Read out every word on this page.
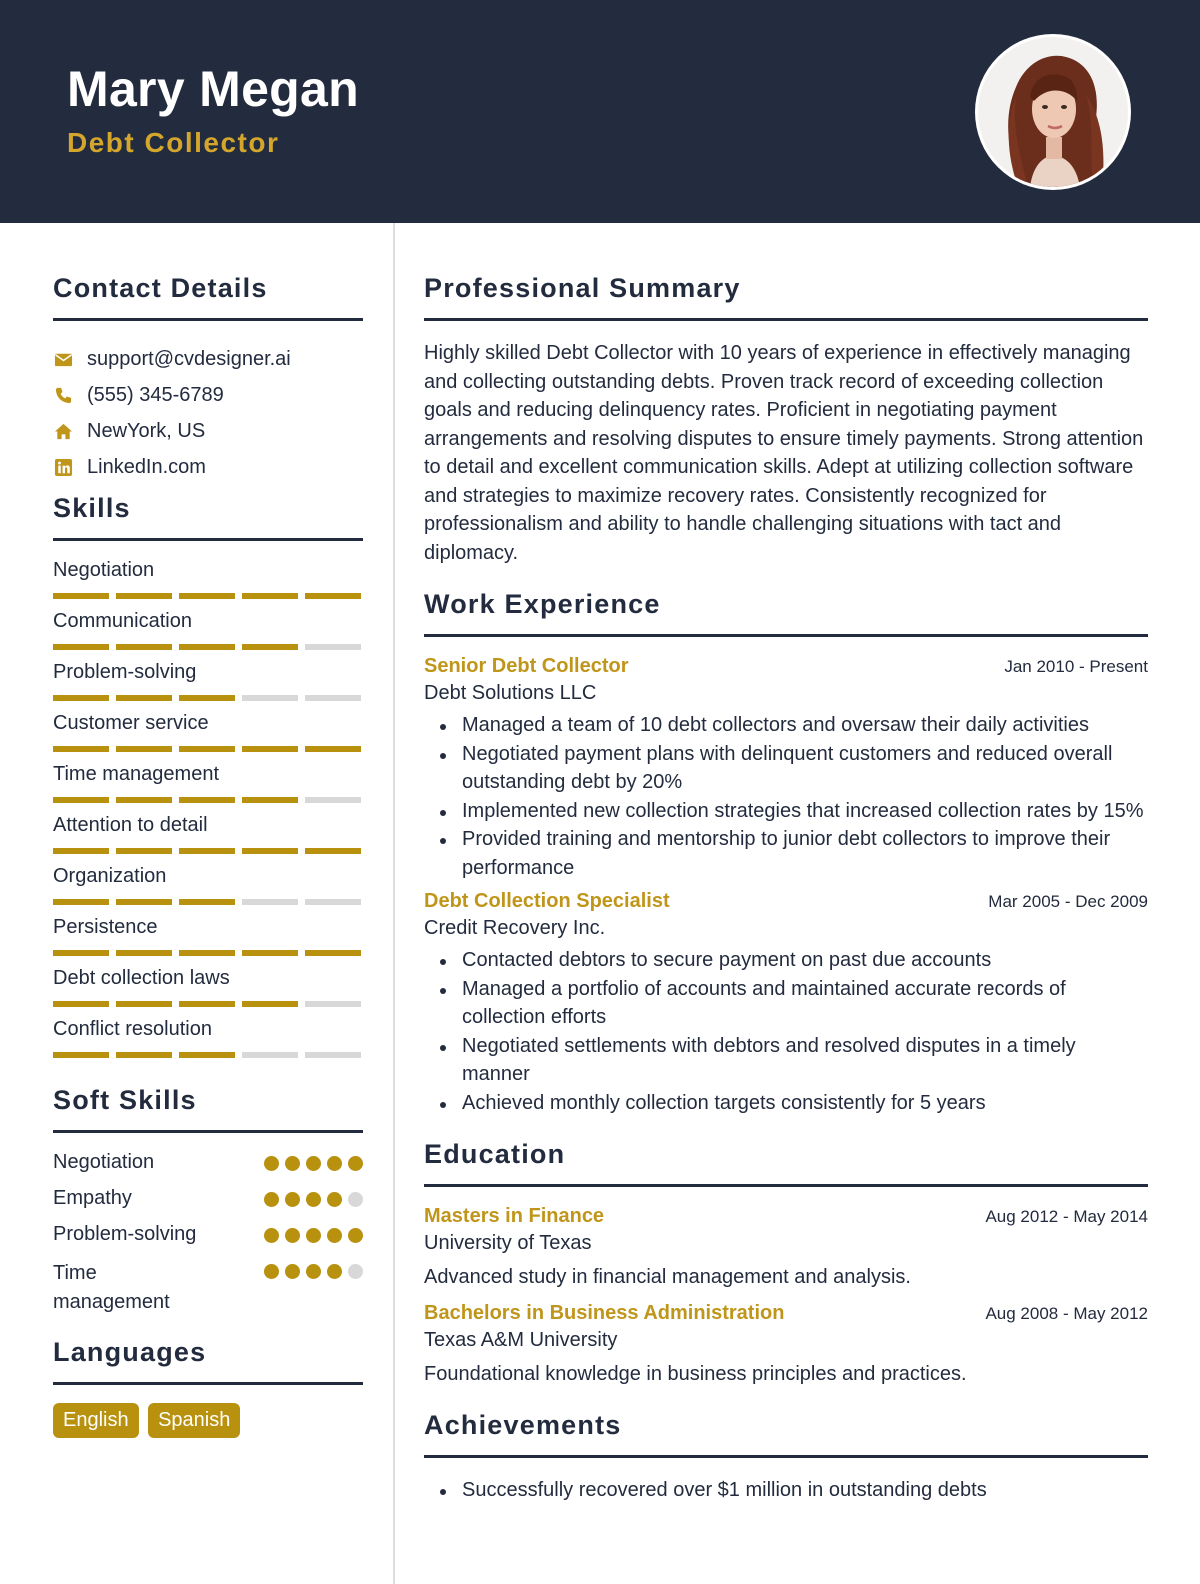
Mary Megan
Debt Collector
Contact Details
support@cvdesigner.ai
(555) 345-6789
NewYork, US
LinkedIn.com
Skills
Negotiation
Communication
Problem-solving
Customer service
Time management
Attention to detail
Organization
Persistence
Debt collection laws
Conflict resolution
Soft Skills
Negotiation
Empathy
Problem-solving
Time management
Languages
English Spanish
Professional Summary
Highly skilled Debt Collector with 10 years of experience in effectively managing and collecting outstanding debts. Proven track record of exceeding collection goals and reducing delinquency rates. Proficient in negotiating payment arrangements and resolving disputes to ensure timely payments. Strong attention to detail and excellent communication skills. Adept at utilizing collection software and strategies to maximize recovery rates. Consistently recognized for professionalism and ability to handle challenging situations with tact and diplomacy.
Work Experience
Senior Debt Collector	Jan 2010 - Present
Debt Solutions LLC
Managed a team of 10 debt collectors and oversaw their daily activities
Negotiated payment plans with delinquent customers and reduced overall outstanding debt by 20%
Implemented new collection strategies that increased collection rates by 15%
Provided training and mentorship to junior debt collectors to improve their performance
Debt Collection Specialist	Mar 2005 - Dec 2009
Credit Recovery Inc.
Contacted debtors to secure payment on past due accounts
Managed a portfolio of accounts and maintained accurate records of collection efforts
Negotiated settlements with debtors and resolved disputes in a timely manner
Achieved monthly collection targets consistently for 5 years
Education
Masters in Finance	Aug 2012 - May 2014
University of Texas
Advanced study in financial management and analysis.
Bachelors in Business Administration	Aug 2008 - May 2012
Texas A&M University
Foundational knowledge in business principles and practices.
Achievements
Successfully recovered over $1 million in outstanding debts
